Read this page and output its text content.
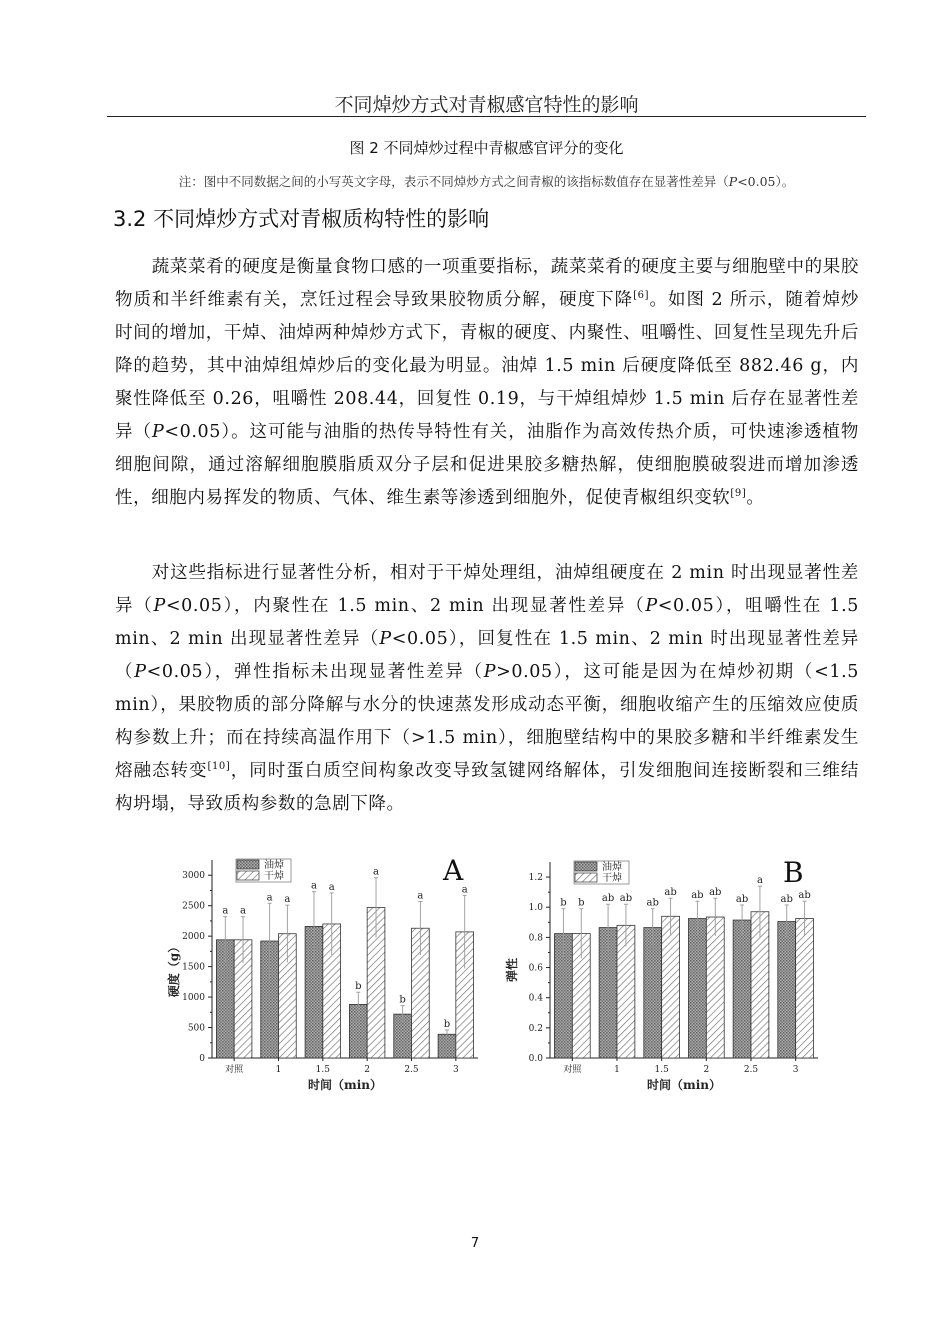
不同焯炒方式对青椒感官特性的影响
图 2 不同焯炒过程中青椒感官评分的变化
注：图中不同数据之间的小写英文字母，表示不同焯炒方式之间青椒的该指标数值存在显著性差异（P<0.05）。
3.2 不同焯炒方式对青椒质构特性的影响
蔬菜菜肴的硬度是衡量食物口感的一项重要指标，蔬菜菜肴的硬度主要与细胞壁中的果胶物质和半纤维素有关，烹饪过程会导致果胶物质分解，硬度下降[6]。如图 2 所示，随着焯炒时间的增加，干焯、油焯两种焯炒方式下，青椒的硬度、内聚性、咀嚼性、回复性呈现先升后降的趋势，其中油焯组焯炒后的变化最为明显。油焯 1.5 min 后硬度降低至 882.46 g，内聚性降低至 0.26，咀嚼性 208.44，回复性 0.19，与干焯组焯炒 1.5 min 后存在显著性差异（P<0.05）。这可能与油脂的热传导特性有关，油脂作为高效传热介质，可快速渗透植物细胞间隙，通过溶解细胞膜脂质双分子层和促进果胶多糖热解，使细胞膜破裂进而增加渗透性，细胞内易挥发的物质、气体、维生素等渗透到细胞外，促使青椒组织变软[9]。
对这些指标进行显著性分析，相对于干焯处理组，油焯组硬度在 2 min 时出现显著性差异（P<0.05），内聚性在 1.5 min、2 min 出现显著性差异（P<0.05），咀嚼性在 1.5 min、2 min 出现显著性差异（P<0.05），回复性在 1.5 min、2 min 时出现显著性差异（P<0.05），弹性指标未出现显著性差异（P>0.05），这可能是因为在焯炒初期（<1.5 min），果胶物质的部分降解与水分的快速蒸发形成动态平衡，细胞收缩产生的压缩效应使质构参数上升；而在持续高温作用下（>1.5 min），细胞壁结构中的果胶多糖和半纤维素发生熔融态转变[10]，同时蛋白质空间构象改变导致氢键网络解体，引发细胞间连接断裂和三维结构坍塌，导致质构参数的急剧下降。
0
500
1000
1500
2000
2500
3000
对照
a a
1
a a
1.5
a a
2
b
a
2.5
b
a
3
b
a
油焯
干焯	A
时间（min）
硬度（g）
0.0
0.2
0.4
0.6
0.8
1.0
1.2
对照
b b
1
ab ab
1.5
ab
ab
2
ab ab
2.5
ab
a
3
ab ab
油焯
干焯	B
时间（min）
弹性
7
